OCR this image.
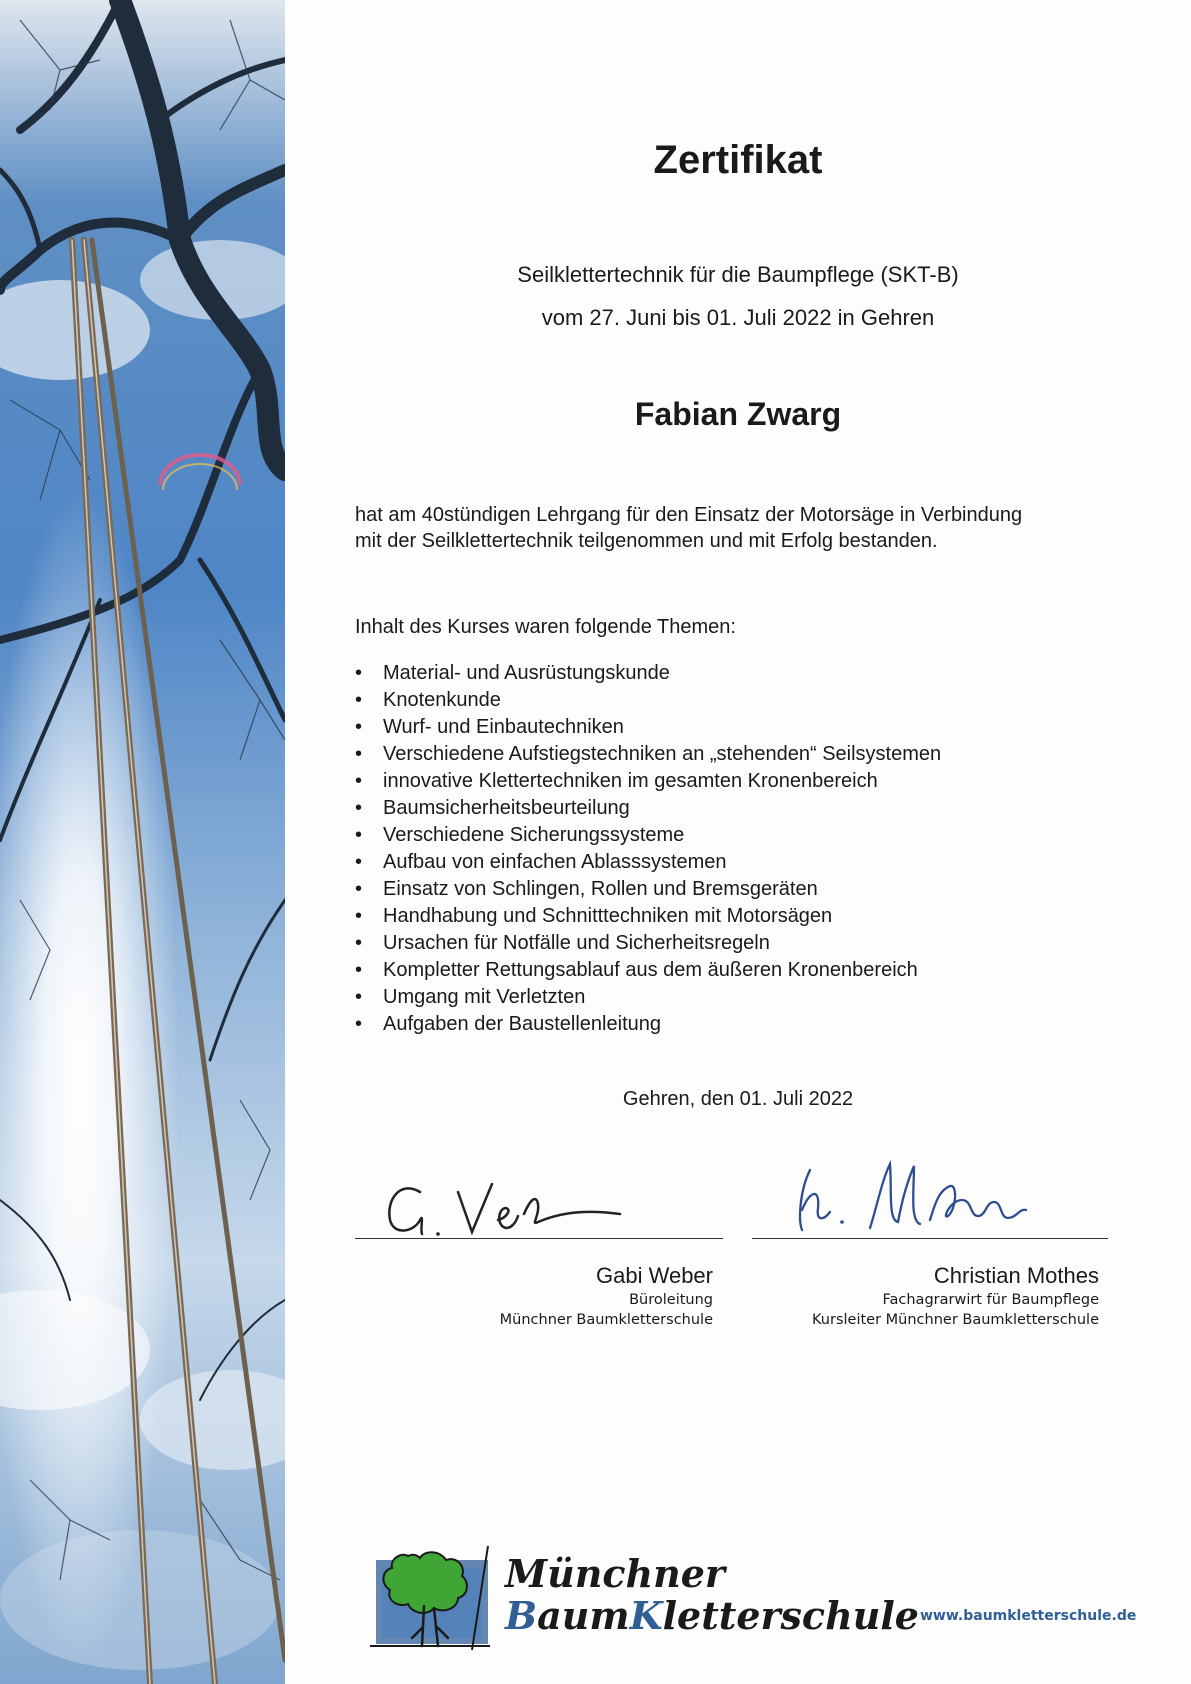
Zertifikat
Seilklettertechnik für die Baumpflege (SKT-B)
vom 27. Juni bis 01. Juli 2022 in Gehren
Fabian Zwarg
hat am 40stündigen Lehrgang für den Einsatz der Motorsäge in Verbindung
mit der Seilklettertechnik teilgenommen und mit Erfolg bestanden.
Inhalt des Kurses waren folgende Themen:
• Material- und Ausrüstungskunde
• Knotenkunde
• Wurf- und Einbautechniken
• Verschiedene Aufstiegstechniken an „stehenden“ Seilsystemen
• innovative Klettertechniken im gesamten Kronenbereich
• Baumsicherheitsbeurteilung
• Verschiedene Sicherungssysteme
• Aufbau von einfachen Ablasssystemen
• Einsatz von Schlingen, Rollen und Bremsgeräten
• Handhabung und Schnitttechniken mit Motorsägen
• Ursachen für Notfälle und Sicherheitsregeln
• Kompletter Rettungsablauf aus dem äußeren Kronenbereich
• Umgang mit Verletzten
• Aufgaben der Baustellenleitung
Gehren, den 01. Juli 2022
Gabi Weber
Büroleitung
Münchner Baumkletterschule
Christian Mothes
Fachagrarwirt für Baumpflege
Kursleiter Münchner Baumkletterschule
Münchner
BaumKletterschule www.baumkletterschule.de
